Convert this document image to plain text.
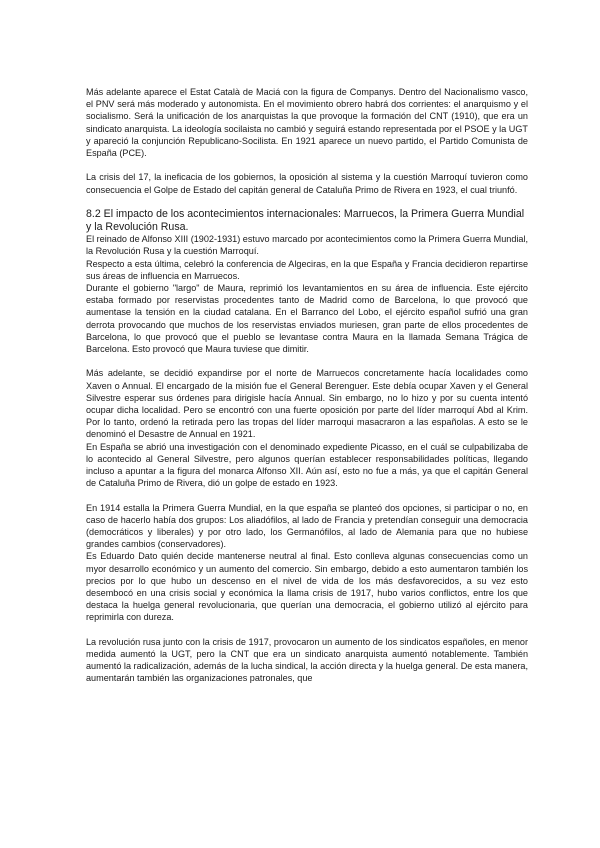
Más adelante aparece el Estat Català de Maciá con la figura de Companys. Dentro del Nacionalismo vasco, el PNV será más moderado y autonomista. En el movimiento obrero habrá dos corrientes: el anarquismo y el socialismo. Será la unificación de los anarquistas la que provoque la formación del CNT (1910), que era un sindicato anarquista. La ideología socilaista no cambió y seguirá estando representada por el PSOE y la UGT y apareció la conjunción Republicano-Socilista. En 1921 aparece un nuevo partido, el Partido Comunista de España (PCE).

La crisis del 17, la ineficacia de los gobiernos, la oposición al sistema y la cuestión Marroquí tuvieron como consecuencia el Golpe de Estado del capitán general de Cataluña Primo de Rivera en 1923, el cual triunfó.

8.2 El impacto de los acontecimientos internacionales: Marruecos, la Primera Guerra Mundial y la Revolución Rusa.

El reinado de Alfonso XIII (1902-1931) estuvo marcado por acontecimientos como la Primera Guerra Mundial, la Revolución Rusa y la cuestión Marroquí.

Respecto a esta última, celebró la conferencia de Algeciras, en la que España y Francia decidieron repartirse sus áreas de influencia en Marruecos.

Durante el gobierno "largo" de Maura, reprimió los levantamientos en su área de influencia. Este ejército estaba formado por reservistas procedentes tanto de Madrid como de Barcelona, lo que provocó que aumentase la tensión en la ciudad catalana. En el Barranco del Lobo, el ejército español sufrió una gran derrota provocando que muchos de los reservistas enviados muriesen, gran parte de ellos procedentes de Barcelona, lo que provocó que el pueblo se levantase contra Maura en la llamada Semana Trágica de Barcelona. Esto provocó que Maura tuviese que dimitir.

Más adelante, se decidió expandirse por el norte de Marruecos concretamente hacía localidades como Xaven o Annual. El encargado de la misión fue el General Berenguer. Este debía ocupar Xaven y el General Silvestre esperar sus órdenes para dirigisle hacía Annual. Sin embargo, no lo hizo y por su cuenta intentó ocupar dicha localidad. Pero se encontró con una fuerte oposición por parte del líder marroquí Abd al Krim. Por lo tanto, ordenó la retirada pero las tropas del líder marroqui masacraron a las españolas. A esto se le denominó el Desastre de Annual en 1921.

En España se abrió una investigación con el denominado expediente Picasso, en el cuál se culpabilizaba de lo acontecido al General Silvestre, pero algunos querían establecer responsabilidades políticas, llegando incluso a apuntar a la figura del monarca Alfonso XII. Aún así, esto no fue a más, ya que el capitán General de Cataluña Primo de Rivera, dió un golpe de estado en 1923.

En 1914 estalla la Primera Guerra Mundial, en la que españa se planteó dos opciones, si participar o no, en caso de hacerlo había dos grupos: Los aliadófilos, al lado de Francia y pretendían conseguir una democracia (democráticos y liberales) y por otro lado, los Germanófilos, al lado de Alemania para que no hubiese grandes cambios (conservadores).

Es Eduardo Dato quién decide mantenerse neutral al final. Esto conlleva algunas consecuencias como un myor desarrollo económico y un aumento del comercio. Sin embargo, debido a esto aumentaron también los precios por lo que hubo un descenso en el nivel de vida de los más desfavorecidos, a su vez esto desembocó en una crisis social y económica la llama crisis de 1917, hubo varios conflictos, entre los que destaca la huelga general revolucionaria, que querían una democracia, el gobierno utilizó al ejército para reprimirla con dureza.

La revolución rusa junto con la crisis de 1917, provocaron un aumento de los sindicatos españoles, en menor medida aumentó la UGT, pero la CNT que era un sindicato anarquista aumentó notablemente. También aumentó la radicalización, además de la lucha sindical, la acción directa y la huelga general. De esta manera, aumentarán también las organizaciones patronales, que
